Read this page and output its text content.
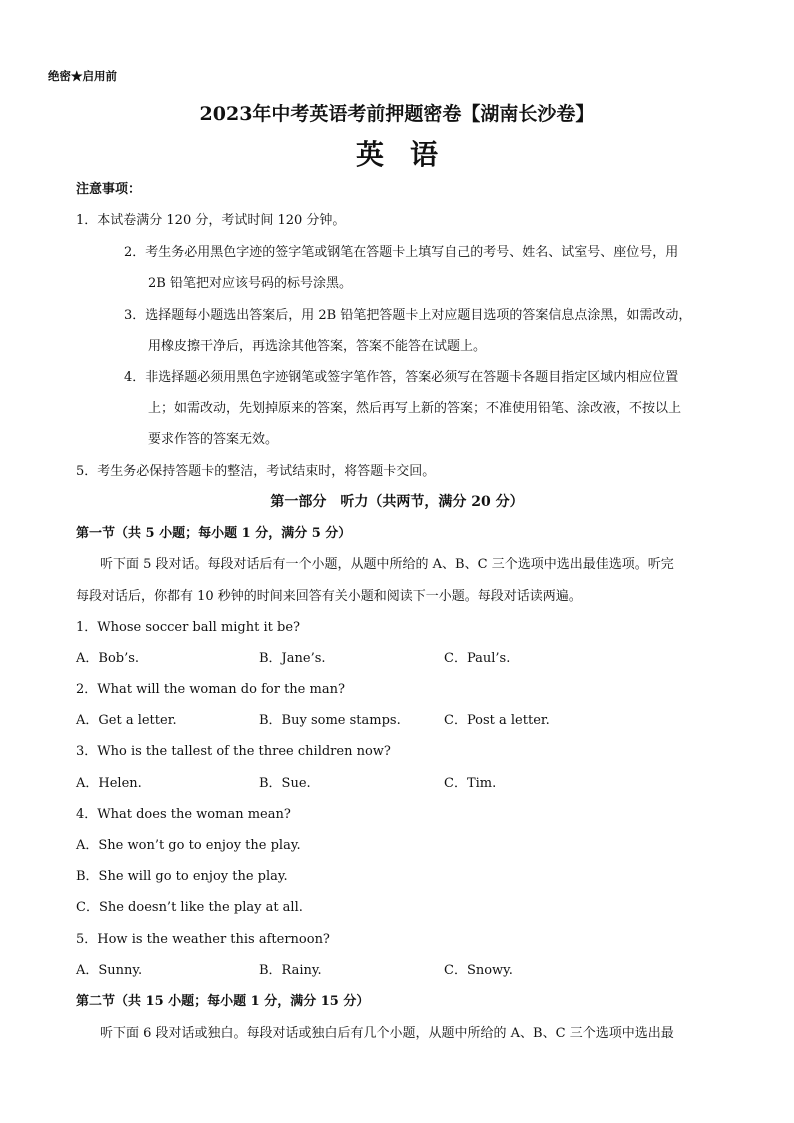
绝密★启用前
2023年中考英语考前押题密卷【湖南长沙卷】
英语
注意事项：
1．本试卷满分 120 分，考试时间 120 分钟。
2．考生务必用黑色字迹的签字笔或钢笔在答题卡上填写自己的考号、姓名、试室号、座位号，用
2B 铅笔把对应该号码的标号涂黑。
3．选择题每小题选出答案后，用 2B 铅笔把答题卡上对应题目选项的答案信息点涂黑，如需改动，
用橡皮擦干净后，再选涂其他答案，答案不能答在试题上。
4．非选择题必须用黑色字迹钢笔或签字笔作答，答案必须写在答题卡各题目指定区域内相应位置
上；如需改动，先划掉原来的答案，然后再写上新的答案；不准使用铅笔、涂改液，不按以上
要求作答的答案无效。
5．考生务必保持答题卡的整洁，考试结束时，将答题卡交回。
第一部分　听力（共两节，满分 20 分）
第一节（共 5 小题；每小题 1 分，满分 5 分）
听下面 5 段对话。每段对话后有一个小题，从题中所给的 A、B、C 三个选项中选出最佳选项。听完
每段对话后，你都有 10 秒钟的时间来回答有关小题和阅读下一小题。每段对话读两遍。
1．Whose soccer ball might it be?
A．Bob’s.	B．Jane’s.	C．Paul’s.
2．What will the woman do for the man?
A．Get a letter.	B．Buy some stamps.	C．Post a letter.
3．Who is the tallest of the three children now?
A．Helen.	B．Sue.	C．Tim.
4．What does the woman mean?
A．She won’t go to enjoy the play.
B．She will go to enjoy the play.
C．She doesn’t like the play at all.
5．How is the weather this afternoon?
A．Sunny.	B．Rainy.	C．Snowy.
第二节（共 15 小题；每小题 1 分，满分 15 分）
听下面 6 段对话或独白。每段对话或独白后有几个小题，从题中所给的 A、B、C 三个选项中选出最
